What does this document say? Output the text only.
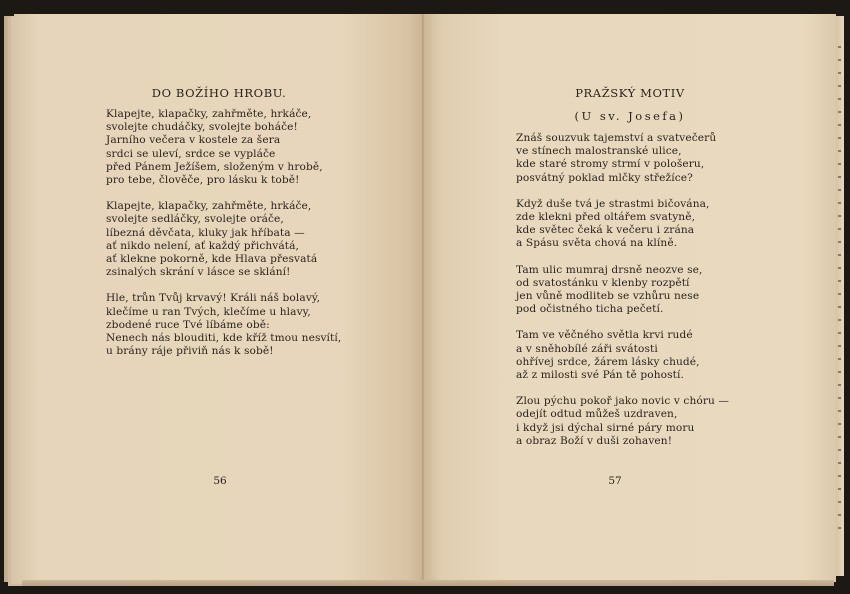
DO BOŽÍHO HROBU.
Klapejte, klapačky, zahřměte, hrkáče,
svolejte chudáčky, svolejte boháče!
Jarního večera v kostele za šera
srdci se uleví, srdce se vypláče
před Pánem Ježíšem, složeným v hrobě,
pro tebe, člověče, pro lásku k tobě!
Klapejte, klapačky, zahřměte, hrkáče,
svolejte sedláčky, svolejte oráče,
líbezná děvčata, kluky jak hříbata —
ať nikdo nelení, ať každý přichvátá,
ať klekne pokorně, kde Hlava přesvatá
zsinalých skrání v lásce se sklání!
Hle, trůn Tvůj krvavý! Králi náš bolavý,
klečíme u ran Tvých, klečíme u hlavy,
zbodené ruce Tvé líbáme obě:
Nenech nás blouditi, kde kříž tmou nesvítí,
u brány ráje přiviň nás k sobě!
56
PRAŽSKÝ MOTIV
(U sv. Josefa)
Znáš souzvuk tajemství a svatvečerů
ve stínech malostranské ulice,
kde staré stromy strmí v pološeru,
posvátný poklad mlčky střežíce?
Když duše tvá je strastmi bičována,
zde klekni před oltářem svatyně,
kde světec čeká k večeru i zrána
a Spásu světa chová na klíně.
Tam ulic mumraj drsně neozve se,
od svatostánku v klenby rozpětí
jen vůně modliteb se vzhůru nese
pod očistného ticha pečetí.
Tam ve věčného světla krvi rudé
a v sněhobílé záři svátosti
ohřívej srdce, žárem lásky chudé,
až z milosti své Pán tě pohostí.
Zlou pýchu pokoř jako novic v chóru —
odejít odtud můžeš uzdraven,
i když jsi dýchal sirné páry moru
a obraz Boží v duši zohaven!
57
